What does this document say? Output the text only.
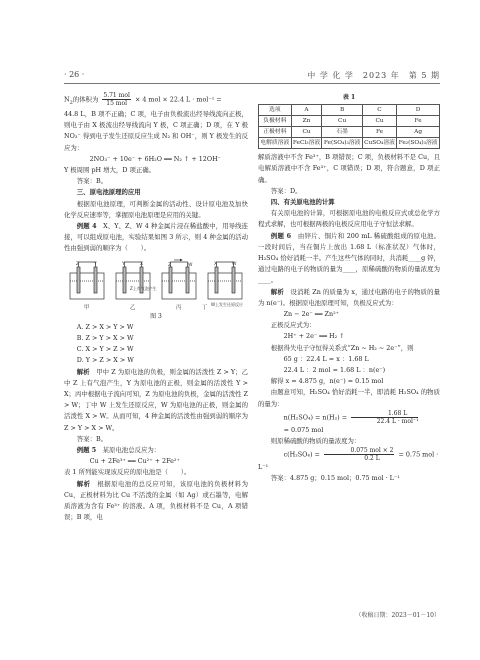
· 26 ·	中 学 化 学　2023 年　第 5 期

$N_2$的体积为 $\frac{\text{5.71 mol}}{\text{15 mol}} \times 4$ mol × 22.4 L · mol⁻¹ =

44.8 L，B 项不正确；C 项，电子由负极流出经导线流向正极，则电子由 X 极流出经导线流向 Y 极，C 项正确；D 项，在 Y 极 NO₃⁻ 得到电子发生还原反应生成 N₂ 和 OH⁻，则 Y 极发生的反应为：

2NO₃⁻ + 10e⁻ + 6H₂O ══ N₂ ↑ + 12OH⁻

Y 极周围 pH 增大，D 项正确。

答案：B。

三、原电池原理的应用

根据原电池原理，可判断金属的活动性、设计原电池及加快化学反应速率等，掌握原电池原理是应用的关键。

例题 4　 X、Y、Z、W 4 种金属片浸在稀盐酸中，用导线连接，可以组成原电池，实验结果如图 3 所示，则 4 种金属的活动性由强到弱的顺序为（　　）。

Z	Y	Y	X	Z	W	X	W
Z上有气泡产生
W上发生还原反应
甲	乙	丙	丁

图 3

A. Z > X > Y > W

B. Z > Y > X > W

C. X > Y > Z > W

D. Y > Z > X > W

解析　 甲中 Z 为原电池的负极，则金属的活泼性 Z > Y；乙中 Z 上有气泡产生，Y 为原电池的正极，则金属的活泼性 Y > X；丙中根据电子流向可知，Z 为原电池的负极，金属的活泼性 Z > W；丁中 W 上发生还原反应，W 为原电池的正极，则金属的活泼性 X > W。从而可知，4 种金属的活泼性由强到弱的顺序为 Z > Y > X > W。

答案：B。

例题 5　 某原电池总反应为：

Cu + 2Fe³⁺ ══ Cu²⁺ + 2Fe²⁺

表 1 所列能实现该反应的原电池是（　　）。

解析　 根据原电池的总反应可知，该原电池的负极材料为 Cu，正极材料为比 Cu 不活泼的金属（如 Ag）或石墨等，电解质溶液为含有 Fe³⁺ 的溶液。A 项，负极材料不是 Cu，A 项错误；B 项，电

表 1

选项	A	B	C	D
负极材料	Zn	Cu	Cu	Fe
正极材料	Cu	石墨	Fe	Ag
电解质溶液	FeCl₃溶液	Fe(SO₄)₃溶液	CuSO₄溶液	Fe₂(SO₄)₃溶液

解质溶液中不含 Fe³⁺，B 项错误；C 项，负极材料不是 Cu，且电解质溶液中不含 Fe³⁺，C 项错误；D 项，符合题意，D 项正确。

答案：D。

四、有关原电池的计算

有关原电池的计算，可根据原电池的电极反应式或总化学方程式求解，也可根据两极的电极反应用电子守恒法求解。

例题 6　 由锌片、铜片和 200 mL 稀硫酸组成的原电池。一段时间后，当在铜片上放出 1.68 L（标准状况）气体时，H₂SO₄ 恰好消耗一半。产生这些气体的同时，共消耗____g 锌，通过电路的电子的物质的量为____，原稀硫酸的物质的量浓度为____。

解析　 设消耗 Zn 的质量为 x，通过电路的电子的物质的量为 n(e⁻)。根据原电池原理可知，负极反应式为：

Zn − 2e⁻ ══ Zn²⁺

正极反应式为：

2H⁺ + 2e⁻ ══ H₂ ↑

根据得失电子守恒得关系式“Zn ~ H₂ ~ 2e⁻”，则

65 g ：22.4 L = x ：1.68 L

22.4 L ：2 mol = 1.68 L ：n(e⁻)

解得 x = 4.875 g，n(e⁻) = 0.15 mol

由题意可知，H₂SO₄ 恰好消耗一半，即消耗 H₂SO₄ 的物质的量为：

$n(H_2SO_4) = n(H_2) = \frac{1.68 L}{\text{22.4 L · mol⁻¹}}$

= 0.075 mol

则原稀硫酸的物质的量浓度为：

$c(H_2SO_4) = \frac{\text{0.075 mol × 2}}{0.2 L} = 0.75$ mol · L⁻¹

答案：4.875 g；0.15 mol；0.75 mol · L⁻¹

（收稿日期：2023－01－10）
